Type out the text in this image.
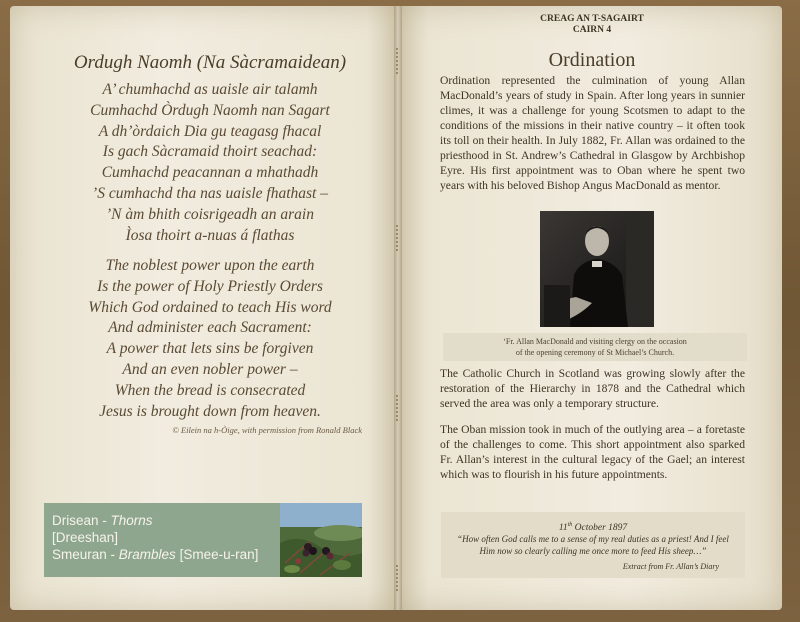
Ordugh Naomh (Na Sàcramaidean)
A’ chumhachd as uaisle air talamh
Cumhachd Òrdugh Naomh nan Sagart
A dh’òrdaich Dia gu teagasg fhacal
Is gach Sàcramaid thoirt seachad:
Cumhachd peacannan a mhathadh
’S cumhachd tha nas uaisle fhathast –
’N àm bhith coisrigeadh an arain
Ìosa thoirt a-nuas á flathas
The noblest power upon the earth
Is the power of Holy Priestly Orders
Which God ordained to teach His word
And administer each Sacrament:
A power that lets sins be forgiven
And an even nobler power –
When the bread is consecrated
Jesus is brought down from heaven.
© Eilein na h-Òige, with permission from Ronald Black
Drisean - Thorns
[Dreeshan]
Smeuran - Brambles [Smee-u-ran]
CREAG AN T-SAGAIRT
CAIRN 4
Ordination
Ordination represented the culmination of young Allan MacDonald’s years of study in Spain. After long years in sunnier climes, it was a challenge for young Scotsmen to adapt to the conditions of the missions in their native country – it often took its toll on their health. In July 1882, Fr. Allan was ordained to the priesthood in St. Andrew’s Cathedral in Glasgow by Archbishop Eyre. His first appointment was to Oban where he spent two years with his beloved Bishop Angus MacDonald as mentor.
‘Fr. Allan MacDonald and visiting clergy on the occasion
of the opening ceremony of St Michael’s Church.
The Catholic Church in Scotland was growing slowly after the restoration of the Hierarchy in 1878 and the Cathedral which served the area was only a temporary structure.
The Oban mission took in much of the outlying area – a foretaste of the challenges to come. This short appointment also sparked Fr. Allan’s interest in the cultural legacy of the Gael; an interest which was to flourish in his future appointments.
11th October 1897
“How often God calls me to a sense of my real duties as a priest! And I feel Him now so clearly calling me once more to feed His sheep…”
Extract from Fr. Allan’s Diary
